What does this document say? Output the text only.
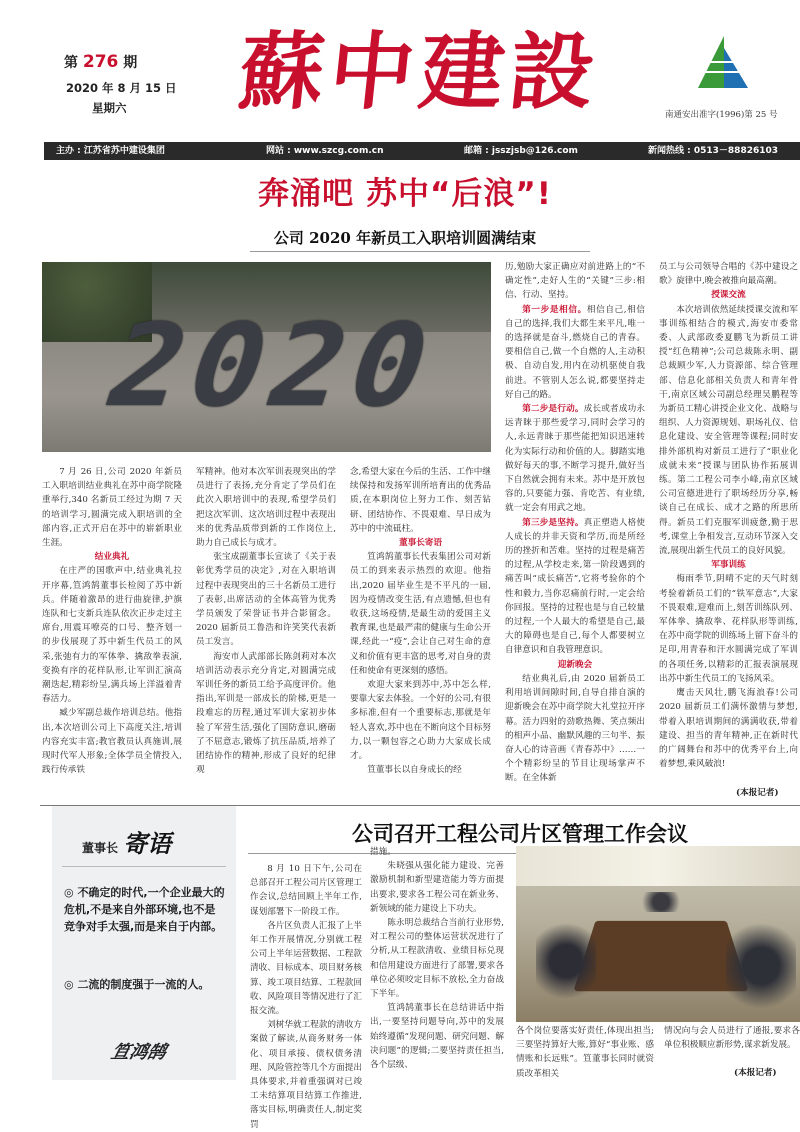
第 276 期
2020 年 8 月 15 日
星期六	蘇中建設	南通安出准字(1996)第 25 号
主办 : 江苏省苏中建设集团	网站 : www.szcg.com.cn	邮箱 : jsszjsb@126.com	新闻热线 : 0513－88826103
奔涌吧 苏中“后浪”!
公司 2020 年新员工入职培训圆满结束
2020

7 月 26 日,公司 2020 年新员工入职培训结业典礼在苏中商学院隆重举行,340 名新员工经过为期 7 天的培训学习,圆满完成入职培训的全部内容,正式开启在苏中的崭新职业生涯。

结业典礼

在庄严的国歌声中,结业典礼拉开序幕,笪鸿鹄董事长检阅了苏中新兵。伴随着激昂的进行曲旋律,护旗连队和七支新兵连队依次正步走过主席台,用震耳嘹亮的口号、整齐划一的步伐展现了苏中新生代员工的风采,张弛有力的军体拳、擒敌拳表演,变换有序的花样队形,让军训汇演高潮迭起,精彩纷呈,满兵场上洋溢着青春活力。

臧少军副总裁作培训总结。他指出,本次培训公司上下高度关注,培训内容充实丰富;教官教员认真施训,展现时代军人形象;全体学员全情投入,践行传承铁

军精神。他对本次军训表现突出的学员进行了表扬,充分肯定了学员们在此次入职培训中的表现,希望学员们把这次军训、这次培训过程中表现出来的优秀品质带到新的工作岗位上,助力自己成长与成才。

张宝成副董事长宣读了《关于表彰优秀学员的决定》,对在入职培训过程中表现突出的三十名新员工进行了表彰,出席活动的全体高管为优秀学员颁发了荣誉证书并合影留念。2020 届新员工鲁浩和许笑笑代表新员工发言。

海安市人武部部长陈剑莉对本次培训活动表示充分肯定,对圆满完成军训任务的新员工给予高度评价。他指出,军训是一部成长的阶梯,更是一段难忘的历程,通过军训大家初步体验了军营生活,强化了国防意识,磨砺了不屈意志,锻炼了抗压品质,培养了团结协作的精神,形成了良好的纪律观

念,希望大家在今后的生活、工作中继续保持和发扬军训所培育出的优秀品质,在本职岗位上努力工作、刻苦钻研、团结协作、不畏艰难、早日成为苏中的中流砥柱。

董事长寄语

笪鸿鹄董事长代表集团公司对新员工的到来表示热烈的欢迎。他指出,2020 届毕业生是不平凡的一届,因为疫情改变生活,有点遗憾,但也有收获,这场疫情,是最生动的爱国主义教育课,也是最严肃的健康与生命公开课,经此一“疫”,会让自己对生命的意义和价值有更丰富的思考,对自身的责任和使命有更深刻的感悟。

欢迎大家来到苏中,苏中怎么样,要靠大家去体验。一个好的公司,有很多标准,但有一个重要标志,那就是年轻人喜欢,苏中也在不断向这个目标努力,以一颗包容之心助力大家成长成才。

笪董事长以自身成长的经

历,勉励大家正确应对前进路上的“不确定性”,走好人生的“关键”三步:相信、行动、坚持。

第一步是相信。相信自己,相信自己的选择,我们大都生来平凡,唯一的选择就是奋斗,燃烧自己的青春。要相信自己,做一个自燃的人,主动积极、自动自发,用内在动机驱使自我前进。不管别人怎么说,都要坚持走好自己的路。

第二步是行动。成长或者成功永远青睐于那些爱学习,同时会学习的人,永远青睐于那些能把知识迅速转化为实际行动和价值的人。脚踏实地做好每天的事,不断学习提升,做好当下自然就会拥有未来。苏中是开放包容的,只要能力强、肯吃苦、有业绩,就一定会有用武之地。

第三步是坚持。真正塑造人格使人成长的并非天资和学历,而是所经历的挫折和苦难。坚持的过程是痛苦的过程,从学校走来,第一阶段遇到的痛苦叫“成长痛苦”,它将考验你的个性和毅力,当你忍痛前行时,一定会给你回报。坚持的过程也是与自己较量的过程,一个人最大的希望是自己,最大的障碍也是自己,每个人都要树立自律意识和自我管理意识。

迎新晚会

结业典礼后,由 2020 届新员工利用培训间隙时间,自导自排自演的迎新晚会在苏中商学院大礼堂拉开序幕。活力四射的劲歌热舞、笑点频出的相声小品、幽默风趣的三句半、振奋人心的诗音画《青春苏中》……一个个精彩纷呈的节目让现场掌声不断。在全体新

员工与公司领导合唱的《苏中建设之歌》旋律中,晚会被推向最高潮。

授课交流

本次培训依然延续授课交流和军事训练相结合的模式,海安市委常委、人武部政委夏鹏飞为新员工讲授“红色精神”;公司总裁陈永明、副总裁顾少军,人力资源部、综合管理部、信息化部相关负责人和青年骨干,南京区域公司副总经理吴鹏程等为新员工精心讲授企业文化、战略与组织、人力资源规划、职场礼仪、信息化建设、安全管理等课程;同时安排外部机构对新员工进行了“职业化成就未来”授课与团队协作拓展训练。第二工程公司李小峰,南京区域公司宣德进进行了职场经历分享,畅谈自己在成长、成才之路的所思所得。新员工们克服军训疲惫,勤于思考,课堂上争相发言,互动环节深入交流,展现出新生代员工的良好风貌。

军事训练

梅雨季节,阴晴不定的天气时刻考验着新员工们的“铁军意志”,大家不畏艰难,迎难而上,刻苦训练队列、军体拳、擒敌拳、花样队形等训练,在苏中商学院的训练场上留下奋斗的足印,用青春和汗水圆满完成了军训的各项任务,以精彩的汇报表演展现出苏中新生代员工的飞扬风采。

鹰击天风壮,鹏飞海浪春!公司 2020 届新员工们满怀激情与梦想,带着入职培训期间的满满收获,带着建设、担当的青年精神,正在新时代的广阔舞台和苏中的优秀平台上,向着梦想,乘风破浪!

(本报记者)
董事长 寄语
◎ 不确定的时代,一个企业最大的危机,不是来自外部环境,也不是竞争对手太强,而是来自于内部。
◎ 二流的制度强于一流的人。
笪鸿鹄
公司召开工程公司片区管理工作会议

8 月 10 日下午,公司在总部召开工程公司片区管理工作会议,总结回顾上半年工作,谋划部署下一阶段工作。

各片区负责人汇报了上半年工作开展情况,分别就工程公司上半年运营数据、工程款清收、目标成本、项目财务核算、竣工项目结算、工程款回收、风险项目等情况进行了汇报交流。

刘树华就工程款的清收方案做了解读,从商务财务一体化、项目承接、债权债务清理、风险管控等几个方面提出具体要求,并着重强调对已竣工未结算项目结算工作推进,落实目标,明确责任人,制定奖罚

措施。

朱晓强从强化能力建设、完善激励机制和新型建造能力等方面提出要求,要求各工程公司在新业务、新领域的能力建设上下功夫。

陈永明总裁结合当前行业形势,对工程公司的整体运营状况进行了分析,从工程款清收、业绩目标兑现和信用建设方面进行了部署,要求各单位必须咬定目标不放松,全力奋战下半年。

笪鸿鹄董事长在总结讲话中指出,一要坚持问题导向,苏中的发展始终遵循“发现问题、研究问题、解决问题”的逻辑;二要坚持责任担当,各个层级、

各个岗位要落实好责任,体现出担当;三要坚持算好大账,算好“事业账、感情账和长远账”。笪董事长同时就资质改革相关

情况向与会人员进行了通报,要求各单位积极顺应新形势,谋求新发展。

(本报记者)
